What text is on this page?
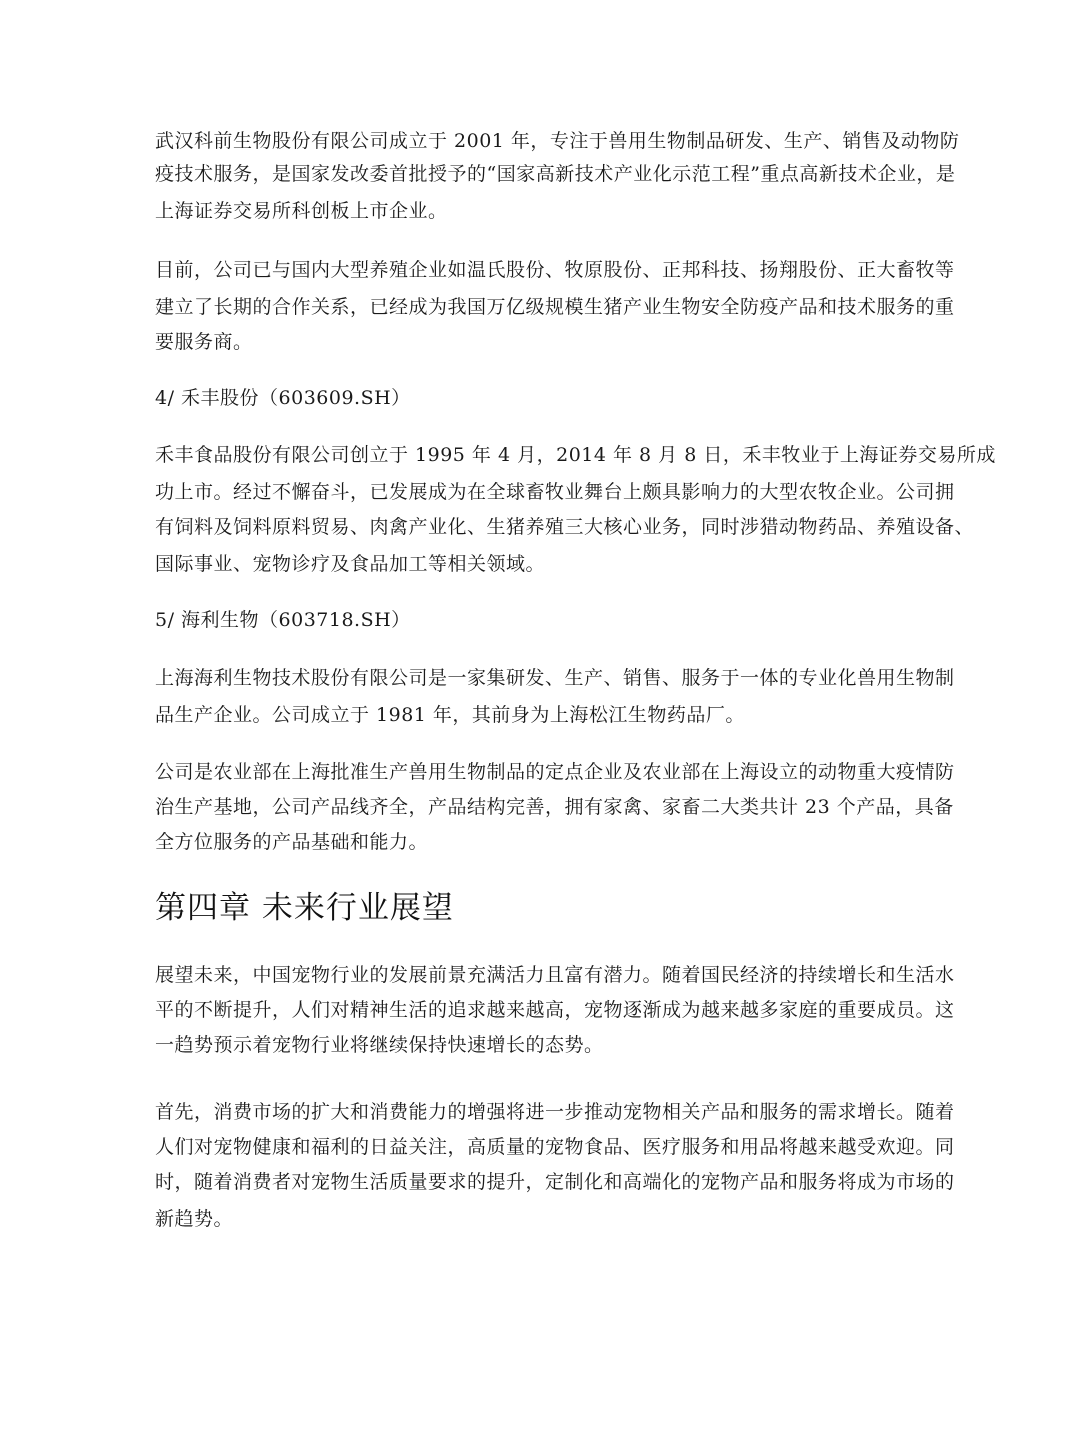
武汉科前生物股份有限公司成立于 2001 年，专注于兽用生物制品研发、生产、销售及动物防
疫技术服务，是国家发改委首批授予的“国家高新技术产业化示范工程”重点高新技术企业，是
上海证券交易所科创板上市企业。
目前，公司已与国内大型养殖企业如温氏股份、牧原股份、正邦科技、扬翔股份、正大畜牧等
建立了长期的合作关系，已经成为我国万亿级规模生猪产业生物安全防疫产品和技术服务的重
要服务商。
4/ 禾丰股份（603609.SH）
禾丰食品股份有限公司创立于 1995 年 4 月，2014 年 8 月 8 日，禾丰牧业于上海证券交易所成
功上市。经过不懈奋斗，已发展成为在全球畜牧业舞台上颇具影响力的大型农牧企业。公司拥
有饲料及饲料原料贸易、肉禽产业化、生猪养殖三大核心业务，同时涉猎动物药品、养殖设备、
国际事业、宠物诊疗及食品加工等相关领域。
5/ 海利生物（603718.SH）
上海海利生物技术股份有限公司是一家集研发、生产、销售、服务于一体的专业化兽用生物制
品生产企业。公司成立于 1981 年，其前身为上海松江生物药品厂。
公司是农业部在上海批准生产兽用生物制品的定点企业及农业部在上海设立的动物重大疫情防
治生产基地，公司产品线齐全，产品结构完善，拥有家禽、家畜二大类共计 23 个产品，具备
全方位服务的产品基础和能力。
第四章 未来行业展望
展望未来，中国宠物行业的发展前景充满活力且富有潜力。随着国民经济的持续增长和生活水
平的不断提升，人们对精神生活的追求越来越高，宠物逐渐成为越来越多家庭的重要成员。这
一趋势预示着宠物行业将继续保持快速增长的态势。
首先，消费市场的扩大和消费能力的增强将进一步推动宠物相关产品和服务的需求增长。随着
人们对宠物健康和福利的日益关注，高质量的宠物食品、医疗服务和用品将越来越受欢迎。同
时，随着消费者对宠物生活质量要求的提升，定制化和高端化的宠物产品和服务将成为市场的
新趋势。
